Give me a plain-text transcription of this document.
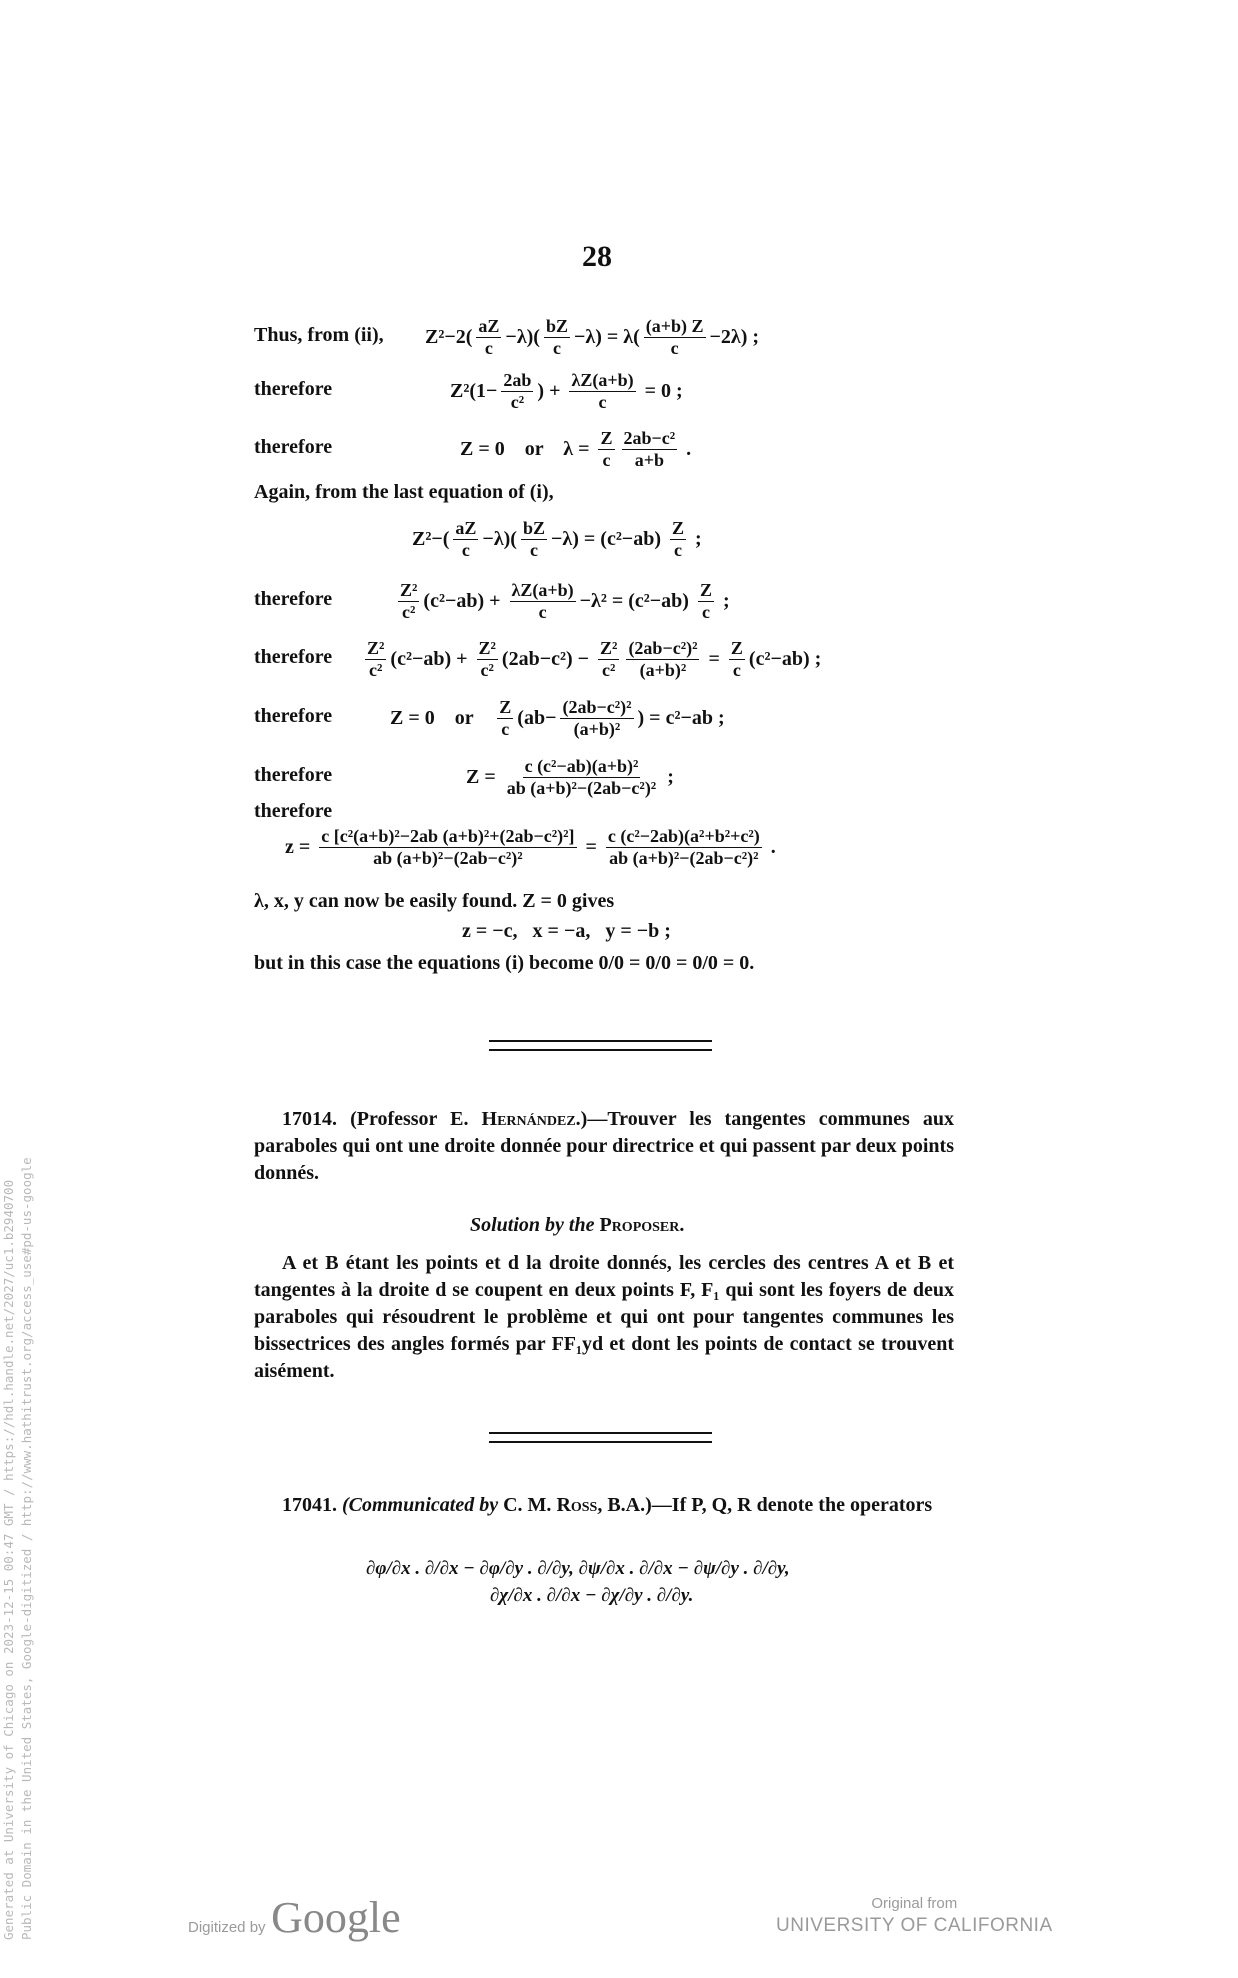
28
Thus, from (ii), $Z^2-2( \frac{aZ}{c} -\lambda)( \frac{bZ}{c} -\lambda) = \lambda( \frac{(a+b) Z}{c} -2\lambda)$ ;
therefore	$Z^2(1- \frac{2ab}{\text{c²}}$ ) + $\frac{\lambda Z(a+b)}{c} = 0$ ;
therefore	Z = 0    or    $\lambda = \frac{Z}{c} \frac{\text{2ab−c²}}{a+b}$ .
Again, from the last equation of (i),
$Z^2-( \frac{aZ}{c} -\lambda)( \frac{bZ}{c} -\lambda) = (c^2-ab) \frac{Z}{c}$ ;
therefore	$\frac{\text{Z²}}{\text{c²}} (c^2-ab) + \frac{\lambda Z(a+b)}{c} -\lambda^2 = (c^2-ab) \frac{Z}{c}$ ;
therefore $\frac{\text{Z²}}{\text{c²}} (c^2-ab) + \frac{\text{Z²}}{\text{c²}} (2ab-c^2) - \frac{\text{Z²}}{\text{c²}} \frac{\text{(2ab−c²)²}}{\text{(a+b)²}} = \frac{Z}{c} (c^2-ab)$ ;
therefore	Z = 0    or $\frac{Z}{c} (ab- \frac{\text{(2ab−c²)²}}{\text{(a+b)²}}$ ) = c²−ab ;
therefore	$Z = \frac{\text{c (c²−ab)(a+b)²}}{\text{ab (a+b)²−(2ab−c²)²}}$ ;
therefore
$z = \frac{\text{c [c²(a+b)²−2ab (a+b)²+(2ab−c²)²]}}{\text{ab (a+b)²−(2ab−c²)²}} = \frac{\text{c (c²−2ab)(a²+b²+c²)}}{\text{ab (a+b)²−(2ab−c²)²}}$ .
λ, x, y can now be easily found. Z = 0 gives
z = −c,   x = −a,   y = −b ;
but in this case the equations (i) become 0/0 = 0/0 = 0/0 = 0.
17014. (Professor E. Hernández.)—Trouver les tangentes communes aux paraboles qui ont une droite donnée pour directrice et qui passent par deux points donnés.
Solution by the Proposer.
A et B étant les points et d la droite donnés, les cercles des centres A et B et tangentes à la droite d se coupent en deux points F, F₁ qui sont les foyers de deux paraboles qui résoudrent le problème et qui ont pour tangentes communes les bissectrices des angles formés par FF₁yd et dont les points de contact se trouvent aisément.
17041. (Communicated by C. M. Ross, B.A.)—If P, Q, R denote the operators
∂φ/∂x . ∂/∂x − ∂φ/∂y . ∂/∂y, ∂ψ/∂x . ∂/∂x − ∂ψ/∂y . ∂/∂y,
∂χ/∂x . ∂/∂x − ∂χ/∂y . ∂/∂y.
Generated at University of Chicago on 2023-12-15 00:47 GMT / https://hdl.handle.net/2027/uc1.b2940700 Public Domain in the United States, Google-digitized / http://www.hathitrust.org/access_use#pd-us-google	Digitized by Google	Original from
UNIVERSITY OF CALIFORNIA
